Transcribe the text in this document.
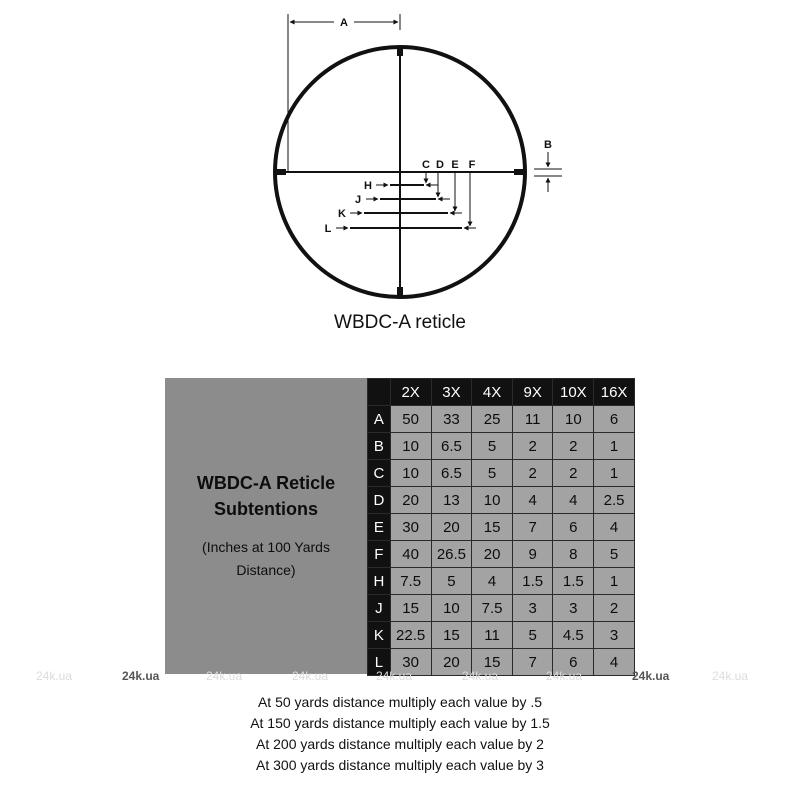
A
B
C D E F
H
J
K
L
WBDC-A reticle
WBDC-A Reticle
Subtentions
(Inches at 100 Yards
Distance)
	2X	3X	4X	9X	10X	16X
A	50	33	25	11	10	6
B	10	6.5	5	2	2	1
C	10	6.5	5	2	2	1
D	20	13	10	4	4	2.5
E	30	20	15	7	6	4
F	40	26.5	20	9	8	5
H	7.5	5	4	1.5	1.5	1
J	15	10	7.5	3	3	2
K	22.5	15	11	5	4.5	3
L	30	20	15	7	6	4
24k.ua	24k.ua	24k.ua	24k.ua	24k.ua	24k.ua	24k.ua	24k.ua	24k.ua
At 50 yards distance multiply each value by .5
At 150 yards distance multiply each value by 1.5
At 200 yards distance multiply each value by 2
At 300 yards distance multiply each value by 3
